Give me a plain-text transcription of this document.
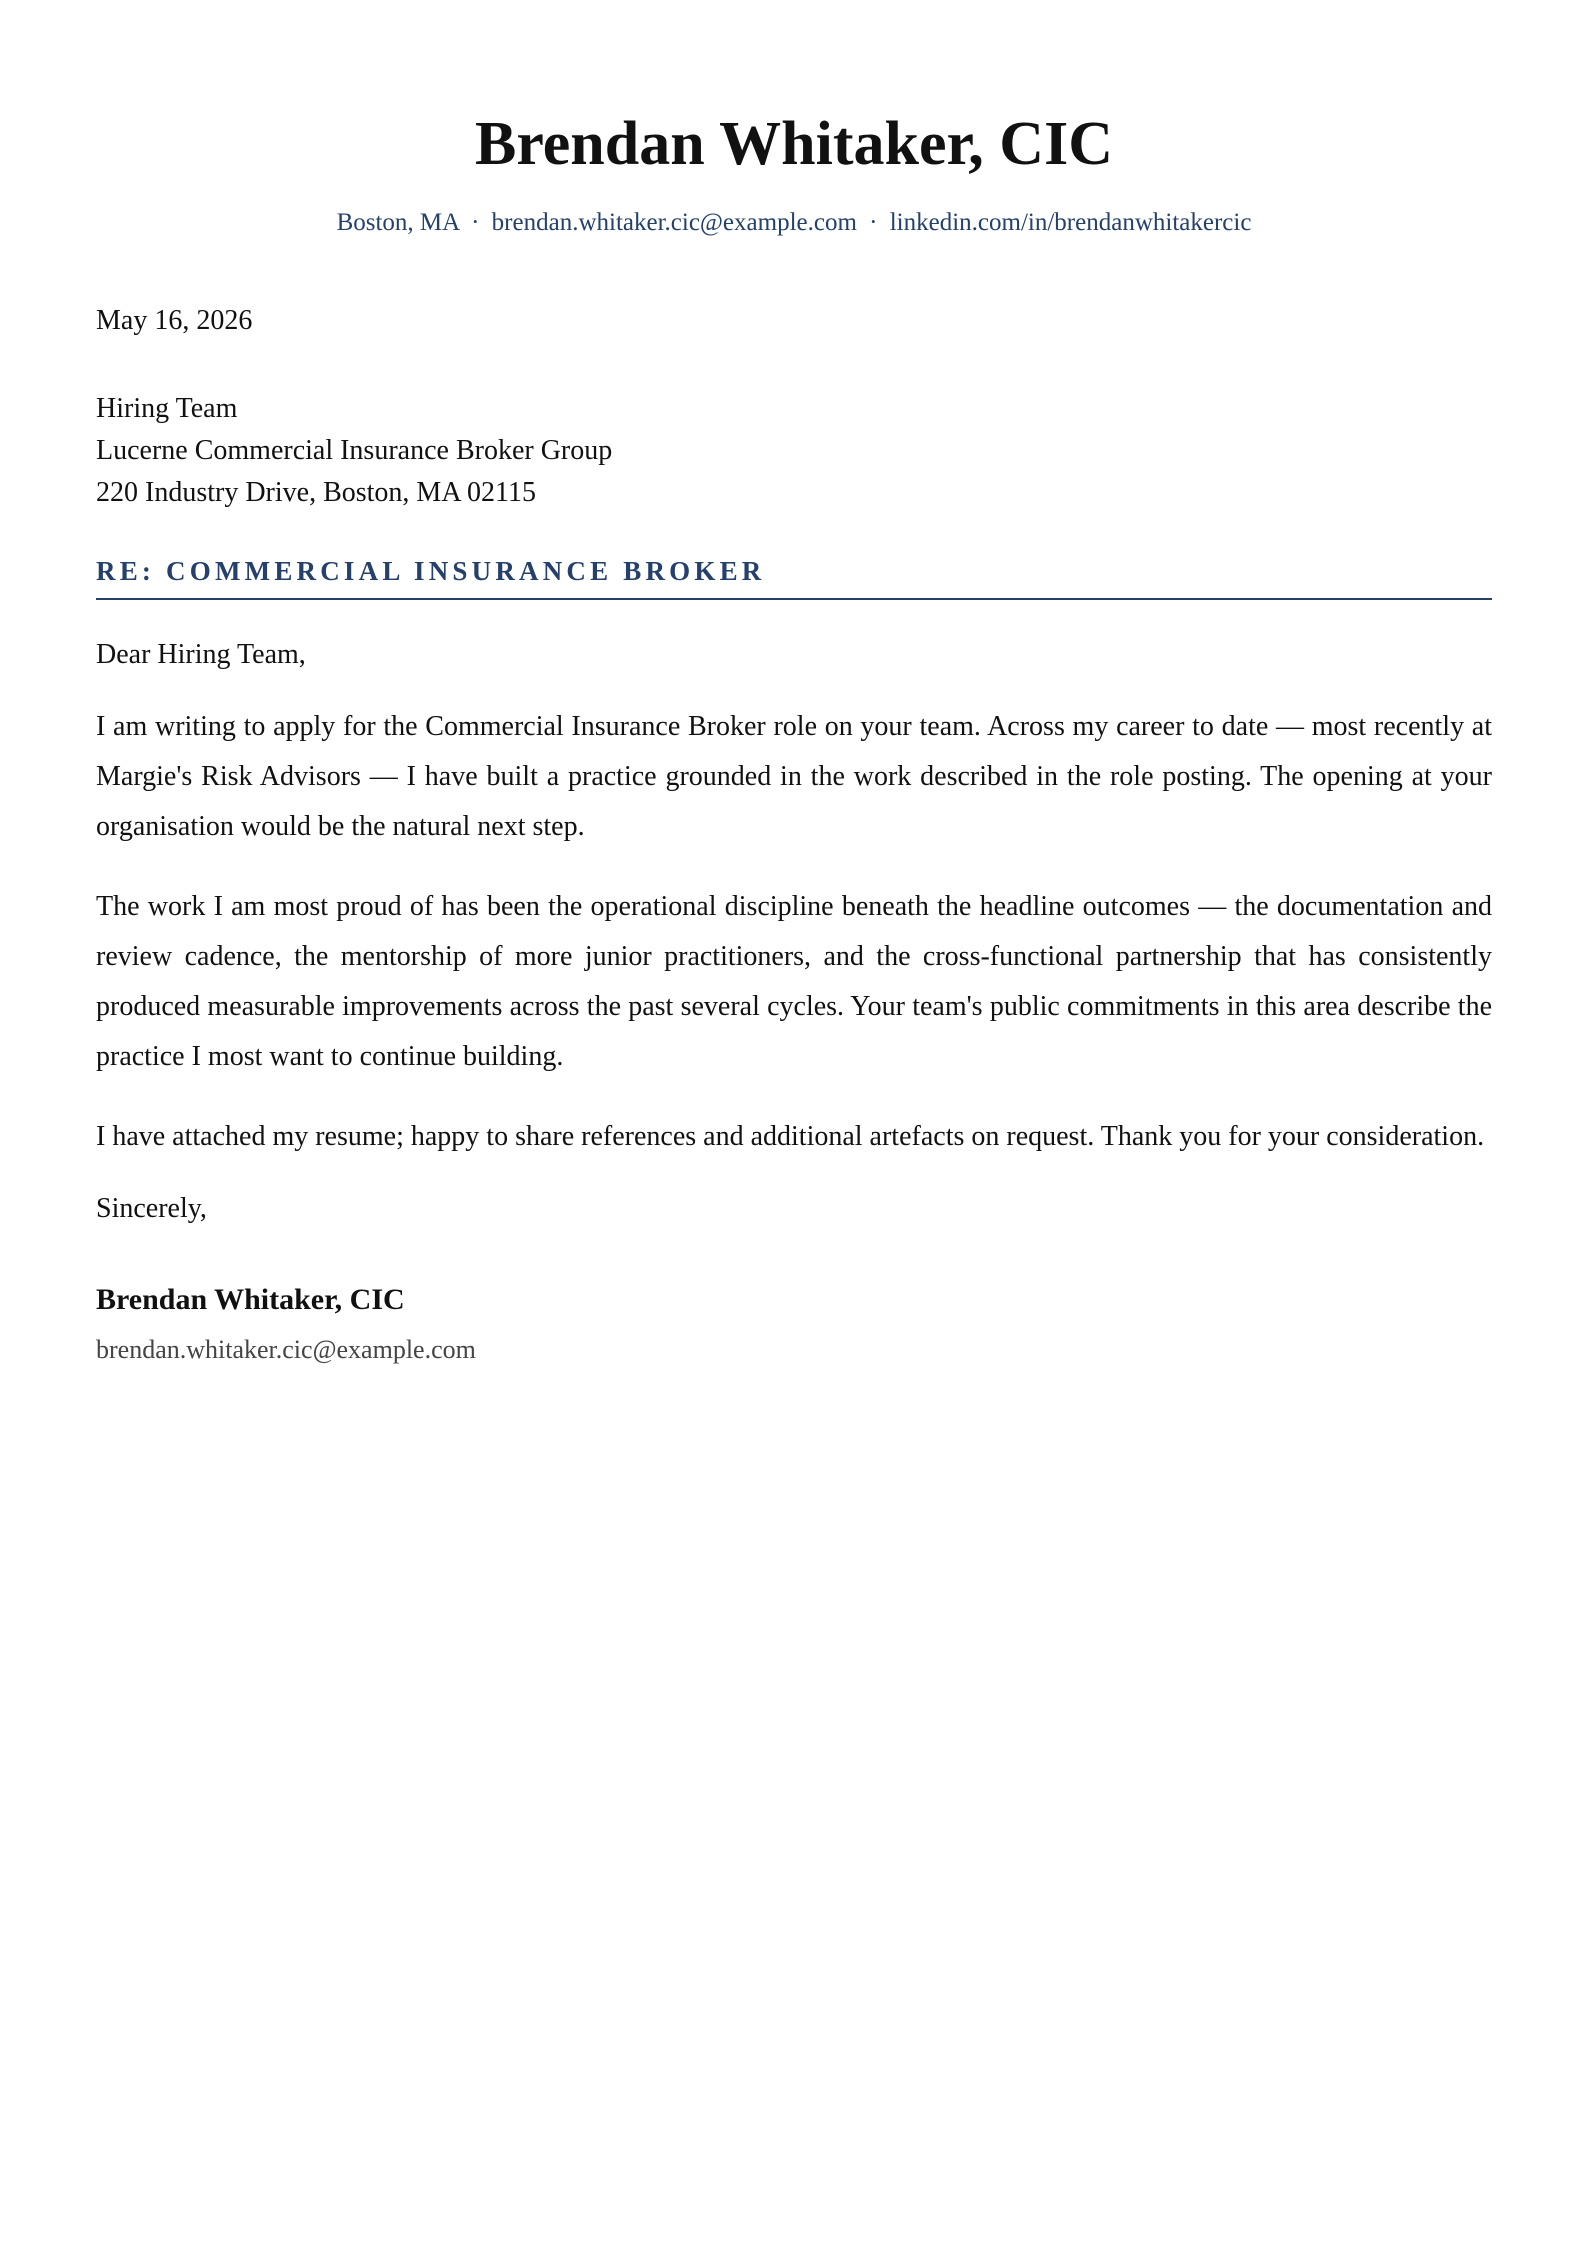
Brendan Whitaker, CIC
Boston, MA · brendan.whitaker.cic@example.com · linkedin.com/in/brendanwhitakercic
May 16, 2026
Hiring Team
Lucerne Commercial Insurance Broker Group
220 Industry Drive, Boston, MA 02115
RE: COMMERCIAL INSURANCE BROKER
Dear Hiring Team,

I am writing to apply for the Commercial Insurance Broker role on your team. Across my career to date — most recently at Margie's Risk Advisors — I have built a practice grounded in the work described in the role posting. The opening at your organisation would be the natural next step.

The work I am most proud of has been the operational discipline beneath the headline outcomes — the documentation and review cadence, the mentorship of more junior practitioners, and the cross-functional partnership that has consistently produced measurable improvements across the past several cycles. Your team's public commitments in this area describe the practice I most want to continue building.

I have attached my resume; happy to share references and additional artefacts on request. Thank you for your consideration.

Sincerely,
Brendan Whitaker, CIC
brendan.whitaker.cic@example.com
